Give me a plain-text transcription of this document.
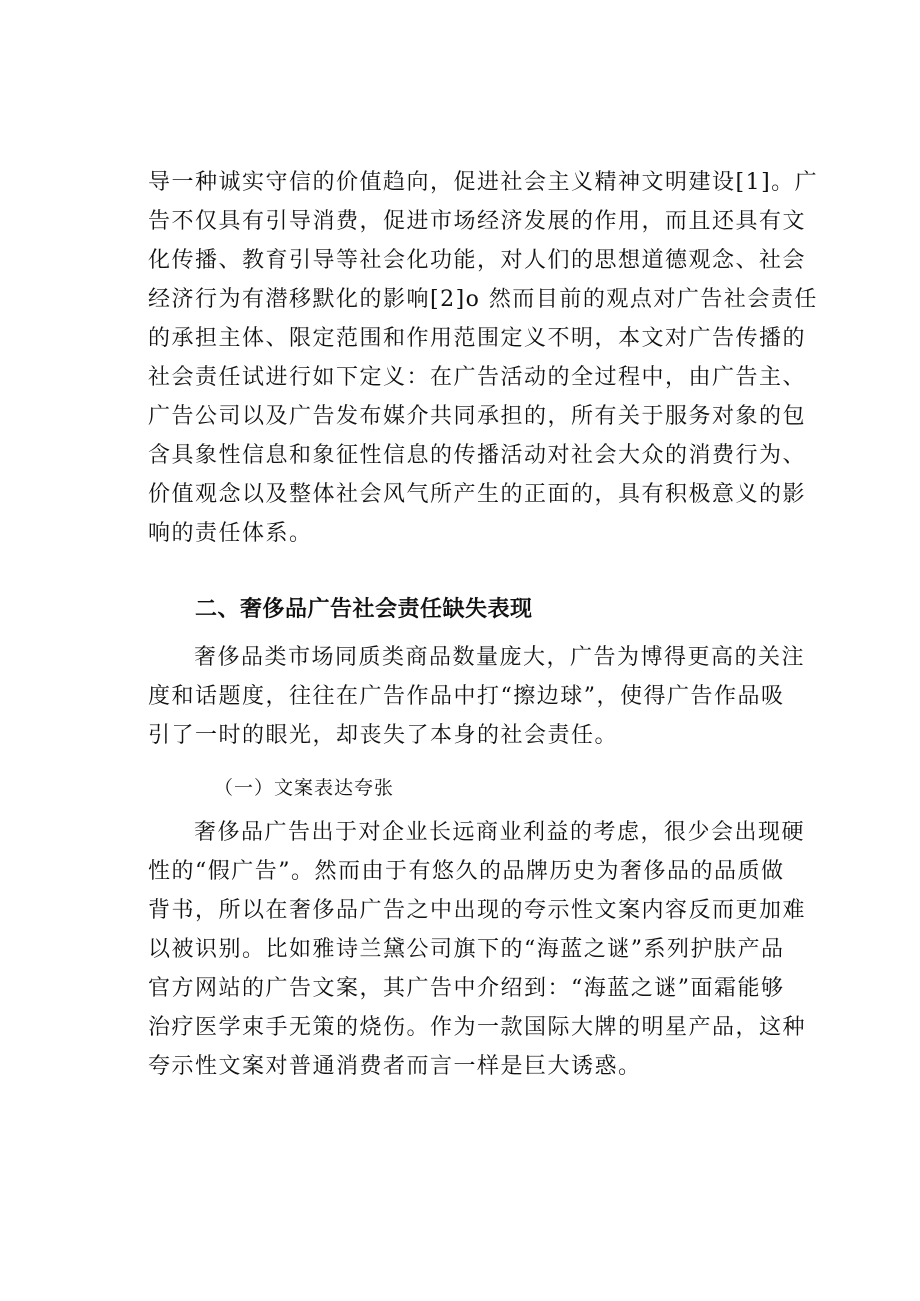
导一种诚实守信的价值趋向，促进社会主义精神文明建设[1]。广
告不仅具有引导消费，促进市场经济发展的作用，而且还具有文
化传播、教育引导等社会化功能，对人们的思想道德观念、社会
经济行为有潜移默化的影响[2]o 然而目前的观点对广告社会责任
的承担主体、限定范围和作用范围定义不明，本文对广告传播的
社会责任试进行如下定义：在广告活动的全过程中，由广告主、
广告公司以及广告发布媒介共同承担的，所有关于服务对象的包
含具象性信息和象征性信息的传播活动对社会大众的消费行为、
价值观念以及整体社会风气所产生的正面的，具有积极意义的影
响的责任体系。
二、奢侈品广告社会责任缺失表现
奢侈品类市场同质类商品数量庞大，广告为博得更高的关注
度和话题度，往往在广告作品中打“擦边球”，使得广告作品吸
引了一时的眼光，却丧失了本身的社会责任。
（一）文案表达夸张
奢侈品广告出于对企业长远商业利益的考虑，很少会出现硬
性的“假广告”。然而由于有悠久的品牌历史为奢侈品的品质做
背书，所以在奢侈品广告之中出现的夸示性文案内容反而更加难
以被识别。比如雅诗兰黛公司旗下的“海蓝之谜”系列护肤产品
官方网站的广告文案，其广告中介绍到：“海蓝之谜”面霜能够
治疗医学束手无策的烧伤。作为一款国际大牌的明星产品，这种
夸示性文案对普通消费者而言一样是巨大诱惑。
